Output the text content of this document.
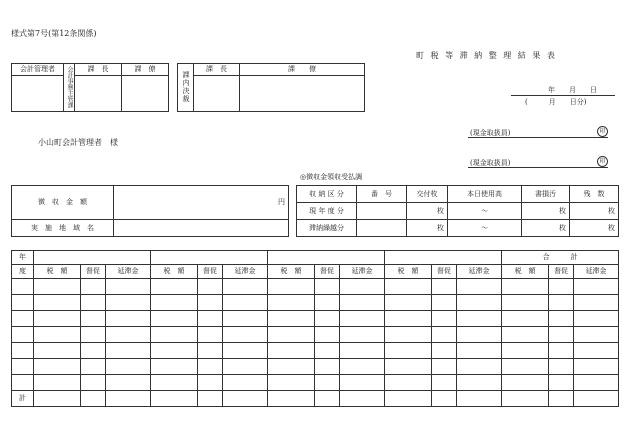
様式第7号(第12条関係)
町 税 等 滞 納 整 理 結 果 表
会計管理者	会計事務主管課	課　長	課　僚

課内決裁	課　長	課　　僚

年　　月　　日
(　　　月　　日分)
小山町会計管理者　様
(現金取扱員)	印
(現金取扱員)	印
◎徴収金領収受払調
徴　収　金　額	円
実　施　地　域　名	
収 納 区 分	番　号	交付枚	本日使用高	書損汚	残　数
現 年 度 分		枚	〜	枚	枚
滞納繰越分		枚	〜	枚	枚
年													合　　　計		
度	税　額	督促	延滞金	税　額	督促	延滞金	税　額	督促	延滞金	税　額	督促	延滞金	税　額	督促	延滞金

計															
